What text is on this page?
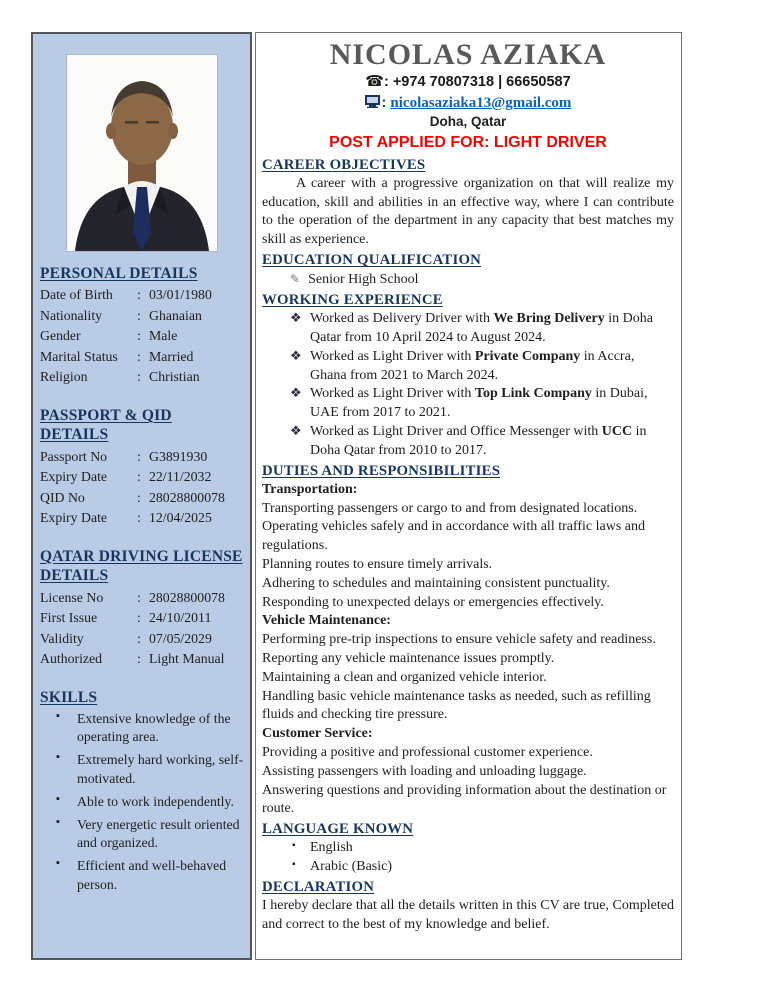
PERSONAL DETAILS
Date of Birth	: 03/01/1980
Nationality	: Ghanaian
Gender	: Male
Marital Status	: Married
Religion	: Christian
PASSPORT & QID DETAILS
Passport No	: G3891930
Expiry Date	: 22/11/2032
QID No	: 28028800078
Expiry Date	: 12/04/2025
QATAR DRIVING LICENSE DETAILS
License No	: 28028800078
First Issue	: 24/10/2011
Validity	: 07/05/2029
Authorized	: Light Manual
SKILLS
▪ Extensive knowledge of the operating area.
▪ Extremely hard working, self-motivated.
▪ Able to work independently.
▪ Very energetic result oriented and organized.
▪ Efficient and well-behaved person.
NICOLAS AZIAKA
☎: +974 70807318 | 66650587
: nicolasaziaka13@gmail.com
Doha, Qatar
POST APPLIED FOR: LIGHT DRIVER
CAREER OBJECTIVES

A career with a progressive organization on that will realize my education, skill and abilities in an effective way, where I can contribute to the operation of the department in any capacity that best matches my skill as experience.

EDUCATION QUALIFICATION
✎ Senior High School
WORKING EXPERIENCE
❖ Worked as Delivery Driver with We Bring Delivery in Doha Qatar from 10 April 2024 to August 2024.
❖ Worked as Light Driver with Private Company in Accra, Ghana from 2021 to March 2024.
❖ Worked as Light Driver with Top Link Company in Dubai, UAE from 2017 to 2021.
❖ Worked as Light Driver and Office Messenger with UCC in Doha Qatar from 2010 to 2017.
DUTIES AND RESPONSIBILITIES

Transportation:

Transporting passengers or cargo to and from designated locations.

Operating vehicles safely and in accordance with all traffic laws and regulations.

Planning routes to ensure timely arrivals.

Adhering to schedules and maintaining consistent punctuality.

Responding to unexpected delays or emergencies effectively.

Vehicle Maintenance:

Performing pre-trip inspections to ensure vehicle safety and readiness.

Reporting any vehicle maintenance issues promptly.

Maintaining a clean and organized vehicle interior.

Handling basic vehicle maintenance tasks as needed, such as refilling fluids and checking tire pressure.

Customer Service:

Providing a positive and professional customer experience.

Assisting passengers with loading and unloading luggage.

Answering questions and providing information about the destination or route.

LANGUAGE KNOWN
▪ English
▪ Arabic (Basic)
DECLARATION

I hereby declare that all the details written in this CV are true, Completed and correct to the best of my knowledge and belief.
